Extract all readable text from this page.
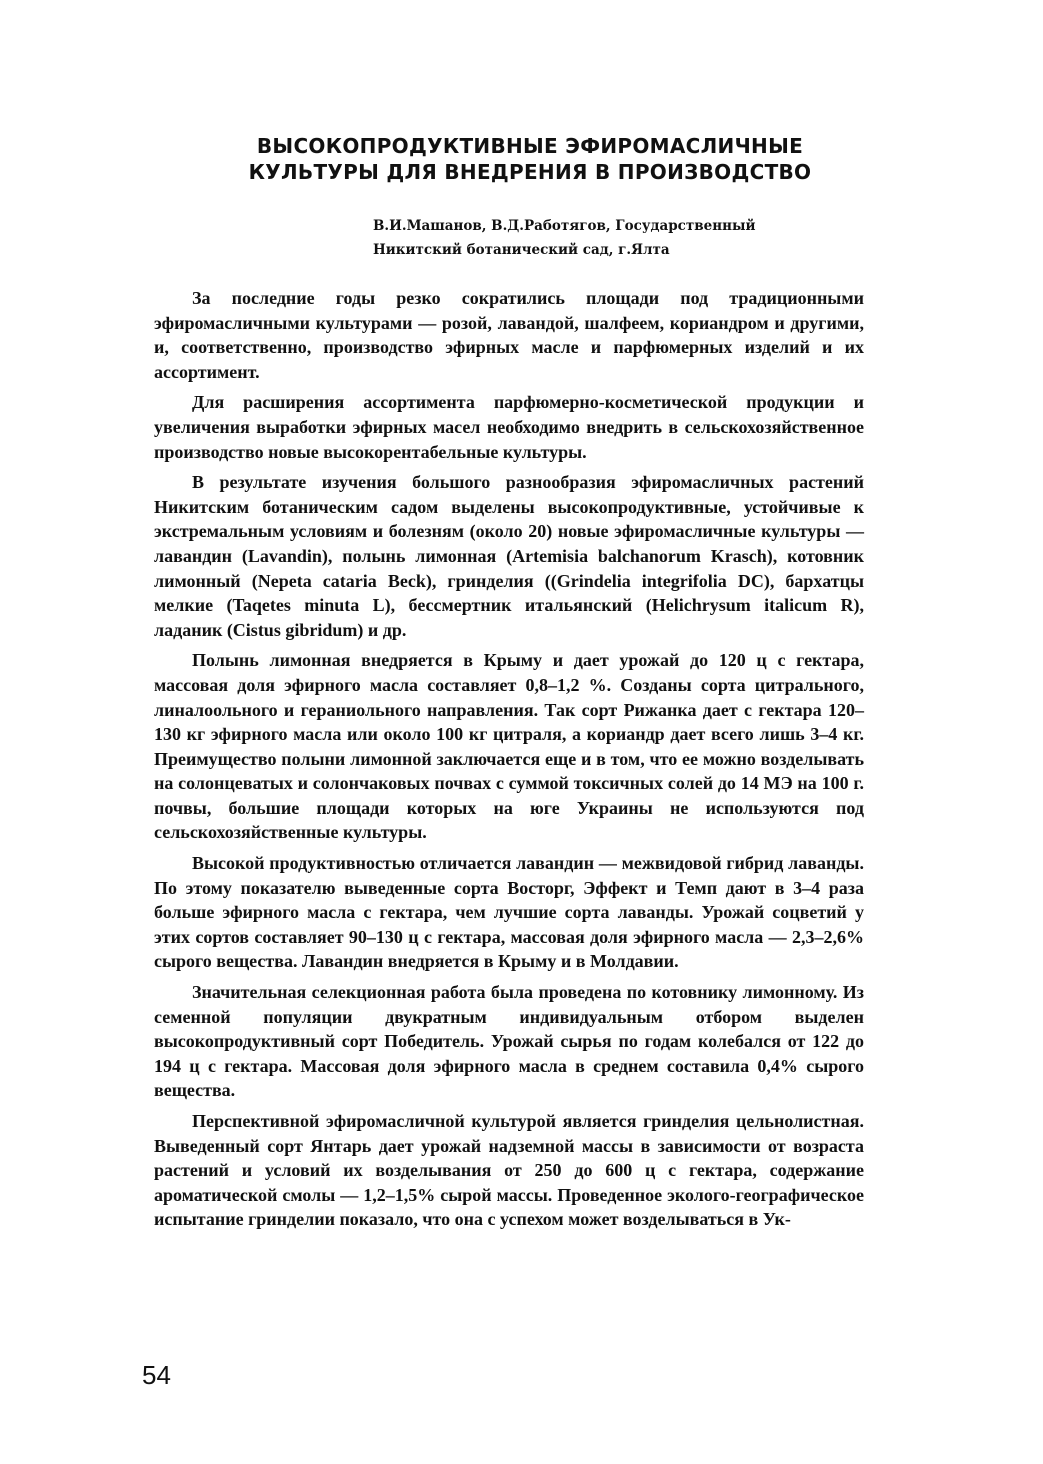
ВЫСОКОПРОДУКТИВНЫЕ ЭФИРОМАСЛИЧНЫЕ
КУЛЬТУРЫ ДЛЯ ВНЕДРЕНИЯ В ПРОИЗВОДСТВО
В.И.Машанов, В.Д.Работягов, Государственный
Никитский ботанический сад, г.Ялта

За последние годы резко сократились площади под традиционными эфиромасличными культурами — розой, лавандой, шалфеем, кориандром и другими, и, соответственно, производство эфирных масле и парфюмерных изделий и их ассортимент.

Для расширения ассортимента парфюмерно-косметической продукции и увеличения выработки эфирных масел необходимо внедрить в сельскохозяйственное производство новые высокорентабельные культуры.

В результате изучения большого разнообразия эфиромасличных растений Никитским ботаническим садом выделены высокопродуктивные, устойчивые к экстремальным условиям и болезням (около 20) новые эфиромасличные культуры — лавандин (Lavandin), полынь лимонная (Artemisia balchanorum Krasch), котовник лимонный (Nepeta cataria Beck), гринделия ((Grindelia integrifolia DC), бархатцы мелкие (Taqetes minuta L), бессмертник итальянский (Helichrysum italicum R), ладаник (Cistus gibridum) и др.

Полынь лимонная внедряется в Крыму и дает урожай до 120 ц с гектара, массовая доля эфирного масла составляет 0,8–1,2 %. Созданы сорта цитрального, линалоольного и гераниольного направления. Так сорт Рижанка дает с гектара 120–130 кг эфирного масла или около 100 кг цитраля, а кориандр дает всего лишь 3–4 кг. Преимущество полыни лимонной заключается еще и в том, что ее можно возделывать на солонцеватых и солончаковых почвах с суммой токсичных солей до 14 МЭ на 100 г. почвы, большие площади которых на юге Украины не используются под сельскохозяйственные культуры.

Высокой продуктивностью отличается лавандин — межвидовой гибрид лаванды. По этому показателю выведенные сорта Восторг, Эффект и Темп дают в 3–4 раза больше эфирного масла с гектара, чем лучшие сорта лаванды. Урожай соцветий у этих сортов составляет 90–130 ц с гектара, массовая доля эфирного масла — 2,3–2,6% сырого вещества. Лавандин внедряется в Крыму и в Молдавии.

Значительная селекционная работа была проведена по котовнику лимонному. Из семенной популяции двукратным индивидуальным отбором выделен высокопродуктивный сорт Победитель. Урожай сырья по годам колебался от 122 до 194 ц с гектара. Массовая доля эфирного масла в среднем составила 0,4% сырого вещества.

Перспективной эфиромасличной культурой является гринделия цельнолистная. Выведенный сорт Янтарь дает урожай надземной массы в зависимости от возраста растений и условий их возделывания от 250 до 600 ц с гектара, содержание ароматической смолы — 1,2–1,5% сырой массы. Проведенное эколого-географическое испытание гринделии показало, что она с успехом может возделываться в Ук-

54
